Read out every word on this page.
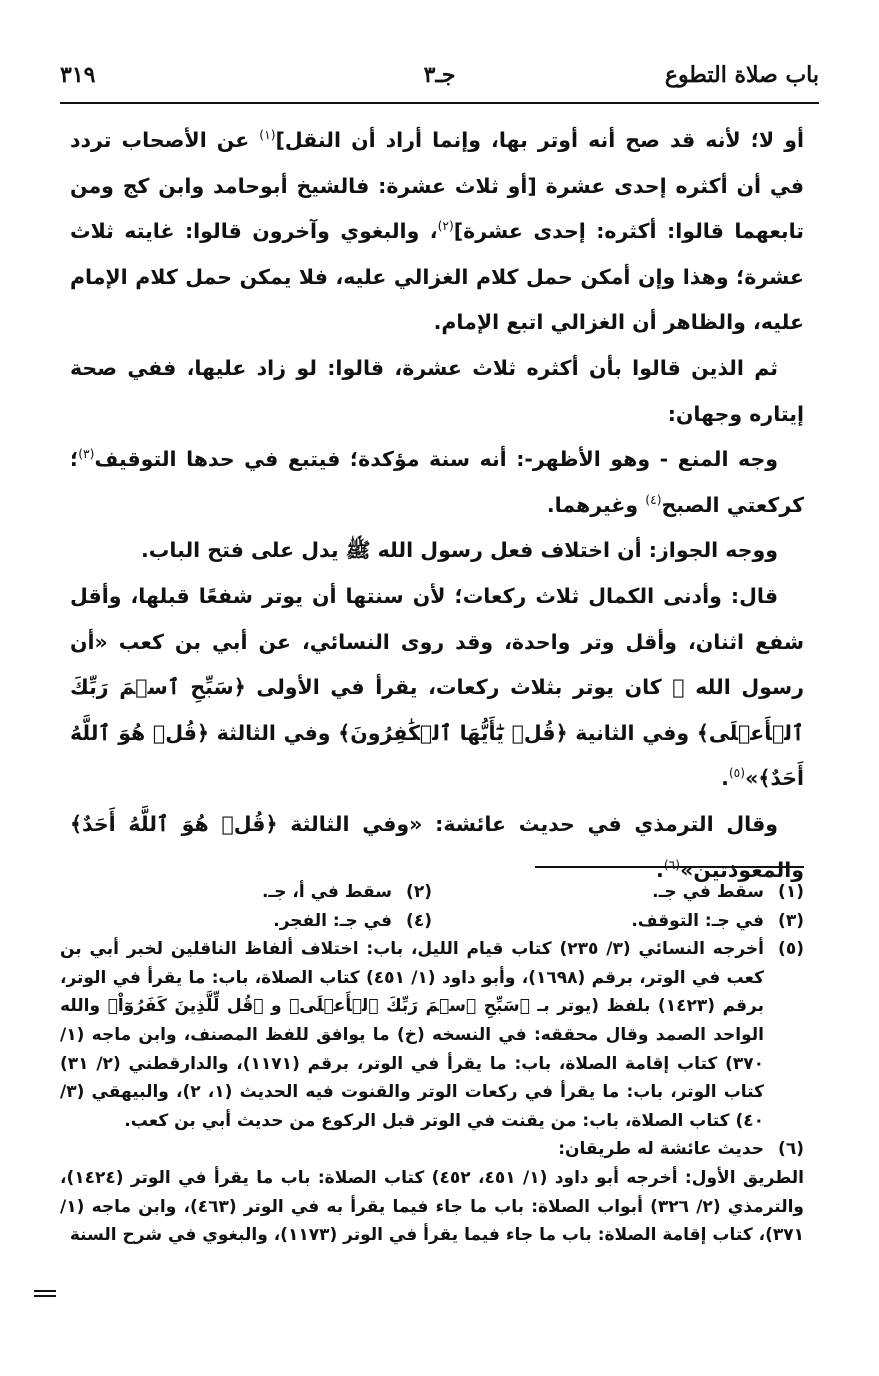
باب صلاة التطوع
جـ٣
٣١٩

أو لا؛ لأنه قد صح أنه أوتر بها، وإنما أراد أن النقل]$^{(١)}$ عن الأصحاب تردد في أن أكثره إحدى عشرة [أو ثلاث عشرة: فالشيخ أبوحامد وابن كج ومن تابعهما قالوا: أكثره: إحدى عشرة]$^{(٢)}$، والبغوي وآخرون قالوا: غايته ثلاث عشرة؛ وهذا وإن أمكن حمل كلام الغزالي عليه، فلا يمكن حمل كلام الإمام عليه، والظاهر أن الغزالي اتبع الإمام.

ثم الذين قالوا بأن أكثره ثلاث عشرة، قالوا: لو زاد عليها، ففي صحة إيتاره وجهان:

وجه المنع - وهو الأظهر-: أنه سنة مؤكدة؛ فيتبع في حدها التوقيف$^{(٣)}$؛ كركعتي الصبح$^{(٤)}$ وغيرهما.

ووجه الجواز: أن اختلاف فعل رسول الله ﷺ يدل على فتح الباب.

قال: وأدنى الكمال ثلاث ركعات؛ لأن سنتها أن يوتر شفعًا قبلها، وأقل شفع اثنان، وأقل وتر واحدة، وقد روى النسائي، عن أبي بن كعب «أن رسول الله ﷺ كان يوتر بثلاث ركعات، يقرأ في الأولى ﴿سَبِّحِ ٱسۡمَ رَبِّكَ ٱلۡأَعۡلَى﴾ وفي الثانية ﴿قُلۡ يَٰٓأَيُّهَا ٱلۡكَٰفِرُونَ﴾ وفي الثالثة ﴿قُلۡ هُوَ ٱللَّهُ أَحَدٌ﴾»$^{(٥)}$.

وقال الترمذي في حديث عائشة: «وفي الثالثة ﴿قُلۡ هُوَ ٱللَّهُ أَحَدٌ﴾ والمعوذتين»$^{(٦)}$.

(١)
سقط في جـ.
(٢)
سقط في أ، جـ.
(٣)
في جـ: التوقف.
(٤)
في جـ: الفجر.
(٥)
أخرجه النسائي (٣/ ٢٣٥) كتاب قيام الليل، باب: اختلاف ألفاظ الناقلين لخبر أبي بن كعب في الوتر، برقم (١٦٩٨)، وأبو داود (١/ ٤٥١) كتاب الصلاة، باب: ما يقرأ في الوتر، برقم (١٤٢٣) بلفظ (يوتر بـ ﴿سَبِّحِ ٱسۡمَ رَبِّكَ ٱلۡأَعۡلَى﴾ و ﴿قُل لِّلَّذِينَ كَفَرُوٓاْ﴾ والله الواحد الصمد وقال محققه: في النسخه (خ) ما يوافق للفظ المصنف، وابن ماجه (١/ ٣٧٠) كتاب إقامة الصلاة، باب: ما يقرأ في الوتر، برقم (١١٧١)، والدارقطني (٢/ ٣١) كتاب الوتر، باب: ما يقرأ في ركعات الوتر والقنوت فيه الحديث (١، ٢)، والبيهقي (٣/ ٤٠) كتاب الصلاة، باب: من يقنت في الوتر قبل الركوع من حديث أبي بن كعب.
(٦)
حديث عائشة له طريقان:
الطريق الأول: أخرجه أبو داود (١/ ٤٥١، ٤٥٢) كتاب الصلاة: باب ما يقرأ في الوتر (١٤٢٤)، والترمذي (٢/ ٣٢٦) أبواب الصلاة: باب ما جاء فيما يقرأ به في الوتر (٤٦٣)، وابن ماجه (١/ ٣٧١)، كتاب إقامة الصلاة: باب ما جاء فيما يقرأ في الوتر (١١٧٣)، والبغوي في شرح السنة
